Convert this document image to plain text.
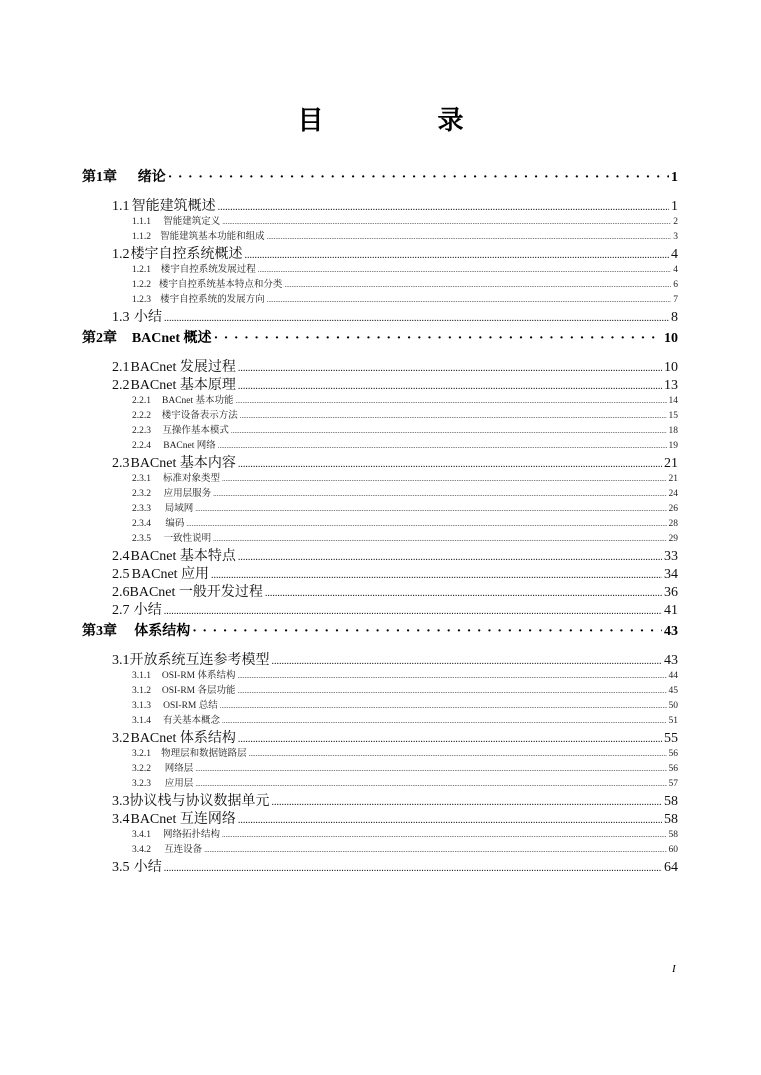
目　录
第1章	绪论 · ·	1
1.1 智能建筑概述 .....	1
1.1.1	智能建筑定义 .....	2
1.1.2 智能建筑基本功能和组成 .....	3
1.2 楼宇自控系统概述 .....	4
1.2.1	楼宇自控系统发展过程 .....	4
1.2.2 楼宇自控系统基本特点和分类 .....	6
1.2.3 楼宇自控系统的发展方向 .....	7
1.3 小结 .....	8
第2章	BACnet 概述 · ·	10
2.1 BACnet 发展过程 .....	10
2.2 BACnet 基本原理 .....	13
2.2.1	BACnet 基本功能 .....	14
2.2.2	楼宇设备表示方法 .....	15
2.2.3	互操作基本模式 .....	18
2.2.4	BACnet 网络 .....	19
2.3 BACnet 基本内容 .....	21
2.3.1	标准对象类型 .....	21
2.3.2	应用层服务 .....	24
2.3.3	局域网 .....	26
2.3.4	编码 .....	28
2.3.5	一致性说明 .....	29
2.4 BACnet 基本特点 .....	33
2.5 BACnet 应用 .....	34
2.6 BACnet 一般开发过程 .....	36
2.7 小结 .....	41
第3章	体系结构 · ·	43
3.1 开放系统互连参考模型 .....	43
3.1.1	OSI-RM 体系结构 .....	44
3.1.2	OSI-RM 各层功能 .....	45
3.1.3	OSI-RM 总结 .....	50
3.1.4	有关基本概念 .....	51
3.2 BACnet 体系结构 .....	55
3.2.1	物理层和数据链路层 .....	56
3.2.2	网络层 .....	56
3.2.3	应用层 .....	57
3.3 协议栈与协议数据单元 .....	58
3.4 BACnet 互连网络 .....	58
3.4.1	网络拓扑结构 .....	58
3.4.2	互连设备 .....	60
3.5 小结 .....	64
I
